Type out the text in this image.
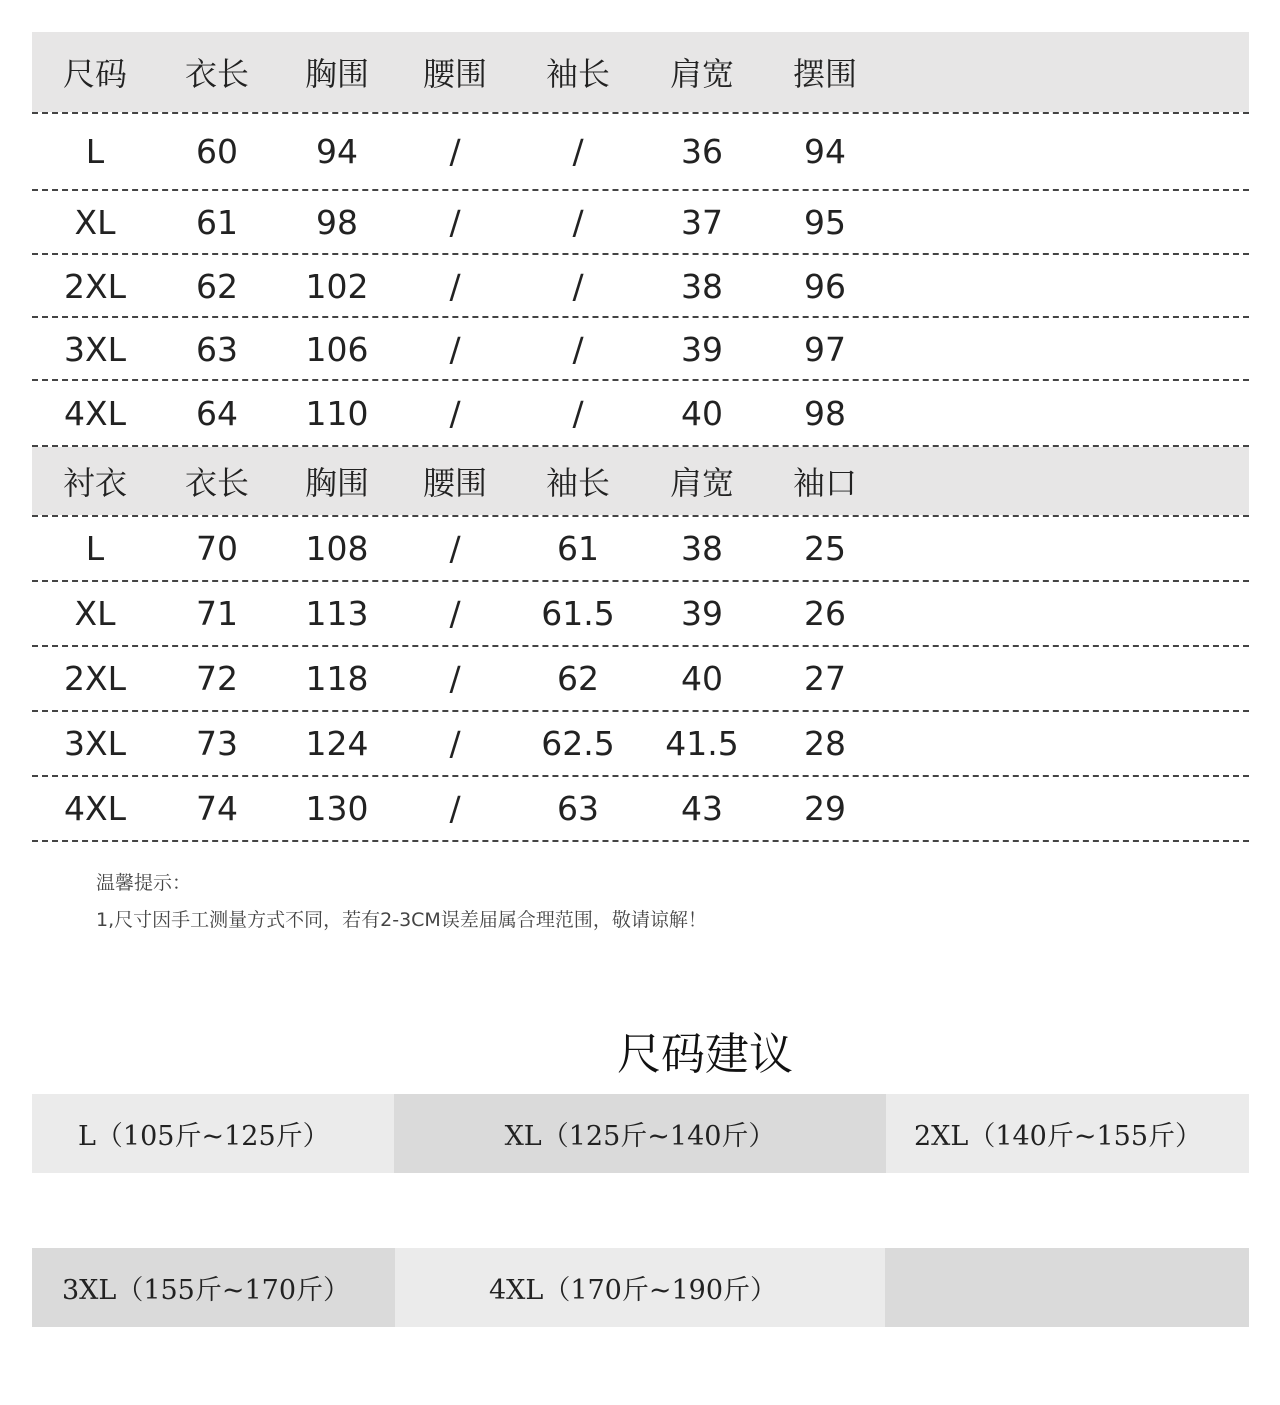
尺码	衣长	胸围	腰围	袖长	肩宽	摆围
L	60	94	/	/	36	94
XL	61	98	/	/	37	95
2XL	62	102	/	/	38	96
3XL	63	106	/	/	39	97
4XL	64	110	/	/	40	98
衬衣	衣长	胸围	腰围	袖长	肩宽	袖口
L	70	108	/	61	38	25
XL	71	113	/	61.5	39	26
2XL	72	118	/	62	40	27
3XL	73	124	/	62.5	41.5	28
4XL	74	130	/	63	43	29
温馨提示：
1,尺寸因手工测量方式不同，若有2-3CM误差届属合理范围，敬请谅解！
尺码建议
L（105斤~125斤）	XL（125斤~140斤）	2XL（140斤~155斤）
3XL（155斤~170斤）	4XL（170斤~190斤）
